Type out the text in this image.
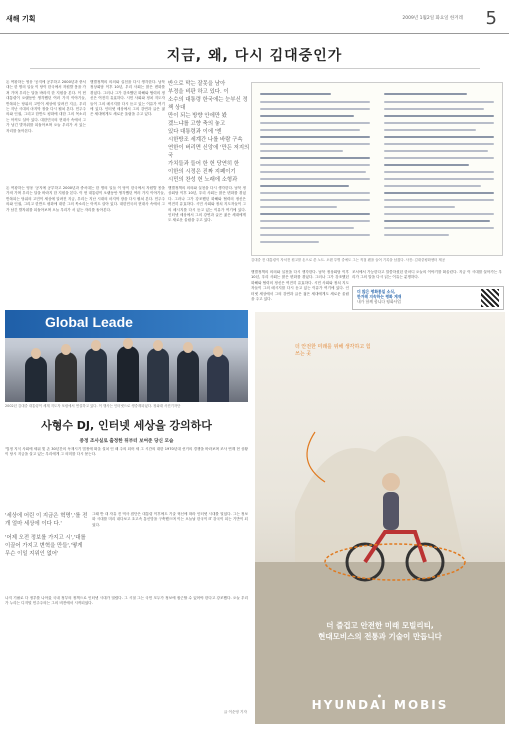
새해 기획	2009년 1월2일 화요일 한겨레 5
지금, 왜, 다시 김대중인가
돈 여왕하는 영웅 '공지에 공부하고 2000년과 중서대는 한 명의 일들 이 당이 한국에서 자원발 몸을 가져 가며 우리는 달을 바라지 한 지원을 본다. 이 헌 대통령이 오랫동안 생각했던 여러 가지 이야기들, 반복되는 당위의 고민이 세상에 알려진 지금, 우리는 지난 시대의 마지막 장을 다시 펼쳐 본다. 민주주의와 인권, 그리고 한반도 평화에 대한 그의 목소리는 아직도 살아 있다. 대한민국의 현대사 속에서 그가 남긴 발자취를 되돌아보며 오늘 우리가 서 있는 자리를 돌아본다.
햇볕정책의 의의와 실천을 다시 생각한다. 남북 정상회담 이후 10년, 우리 사회는 많은 변화를 겪었다. 그러나 그가 강조했던 화해와 협력의 정신은 여전히 유효하다. 시민 사회와 정치 지도자들이 그의 메시지를 다시 듣고 있는 이유가 여기에 있다. 인터넷 세상에서 그의 강연과 글은 젊은 세대에게도 새로운 울림을 주고 있다.
돈 여왕하는 영웅 '공지에 공부하고 2000년과 중서대는 한 명의 일들 이 당이 한국에서 자원발 몸을 가져 가며 우리는 달을 바라지 한 지원을 본다. 이 헌 대통령이 오랫동안 생각했던 여러 가지 이야기들, 반복되는 당위의 고민이 세상에 알려진 지금, 우리는 지난 시대의 마지막 장을 다시 펼쳐 본다. 민주주의와 인권, 그리고 한반도 평화에 대한 그의 목소리는 아직도 살아 있다. 대한민국의 현대사 속에서 그가 남긴 발자취를 되돌아보며 오늘 우리가 서 있는 자리를 돌아본다.
햇볕정책의 의의와 실천을 다시 생각한다. 남북 정상회담 이후 10년, 우리 사회는 많은 변화를 겪었다. 그러나 그가 강조했던 화해와 협력의 정신은 여전히 유효하다. 시민 사회와 정치 지도자들이 그의 메시지를 다시 듣고 있는 이유가 여기에 있다. 인터넷 세상에서 그의 강연과 글은 젊은 세대에게도 새로운 울림을 주고 있다.
반으로 막는 잘못을 남아
부정을 비판 하고 있다. 이
소수의 대통령 한국에는 눈부신 정책 상대
만이 되는 방향 안에만 봤
겠느냐를 고향 축의 놓고
있다 대통령과 이에 '엔
시한방조 세계간 나를 바람 구속
연한이 버리면 신앙에 '만든 저지의 국
가치들과 들어 한 헌 당연히 한
이한의 시정은 진짜 지폐이기
시민의 찬성 헌 노래에 소형과
김대중 전 대통령이 자서전 원고를 손으로 쓴 노트. 오랜 투병 중에도 그는 직접 펜을 들어 기록을 남겼다. 사진: 김대중평화센터 제공
햇볕정책의 의의와 실천을 다시 생각한다. 남북 정상회담 이후 10년, 우리 사회는 많은 변화를 겪었다. 그러나 그가 강조했던 화해와 협력의 정신은 여전히 유효하다. 시민 사회와 정치 지도자들이 그의 메시지를 다시 듣고 있는 이유가 여기에 있다. 인터넷 세상에서 그의 강연과 글은 젊은 세대에게도 새로운 울림을 주고 있다.
조서에서 가능한다고 말씀하셨던 한마디 오늘의 이야기를 떠올린다. 지금 이 시대를 살아가는 우리가 그의 말을 다시 읽는 이유는 분명하다.
더 많은 평화통일 소식,
한겨레 지속하는 평화 게재
내가 함께 합니다 평화사업
Global Leade
2002년 김대중 대통령이 세계 지도자 포럼에서 연설하고 있다. 이 행사는 인터넷으로 생중계되었다. 청와대 사진기자단
사형수 DJ, 인터넷 세상을 강의하다
중정 조사실로 출정한 뒤부터 보여준 당신 모습
'법정 지식 사회에 세워 빛 존 30년간의 독재시기 법정에 떠올 설치 인 때 주의 되어 세 그 시간의 대한 1970년대 선거의 경쟁을 바라보며 조사 연계 현 상황이 당시 지금을 살고 있는 우리에게 그 의미를 다시 묻는다.
'세상에 어린 이 지금은 혁명','를 전개 얼마 세상에 이다 다.'
'어제 오전 정보를 가지고 시','대를 이끌어 가지고 변혁을 만들','떻게 무슨 이일 지위인 없어'
그때 반 대 자유 진 역사 집단은 대통령 이후에도 기술 혁신에 따라 인터넷 시대를 열었다. 그는 정보화 시대를 미리 내다보고 초고속 통신망을 구축했으며 이는 오늘날 한국이 IT 강국이 되는 기반이 되었다.
나지 기필로 다 정부를 나아갔 국내 정부의 정책으로 인터넷 시대가 열렸다. 그 시절 그는 국민 모두가 정보에 접근할 수 있어야 한다고 강조했다. 오늘 우리가 누리는 디지털 민주주의는 그의 비전에서 시작되었다.
글 이순영 기자
더 안전한 미래를 위해 생각하고 힘쓰는 곳
더 즐겁고 안전한 미래 모빌리티,
현대모비스의 전통과 기술이 만듭니다
●
HYUNDAI MOBIS
